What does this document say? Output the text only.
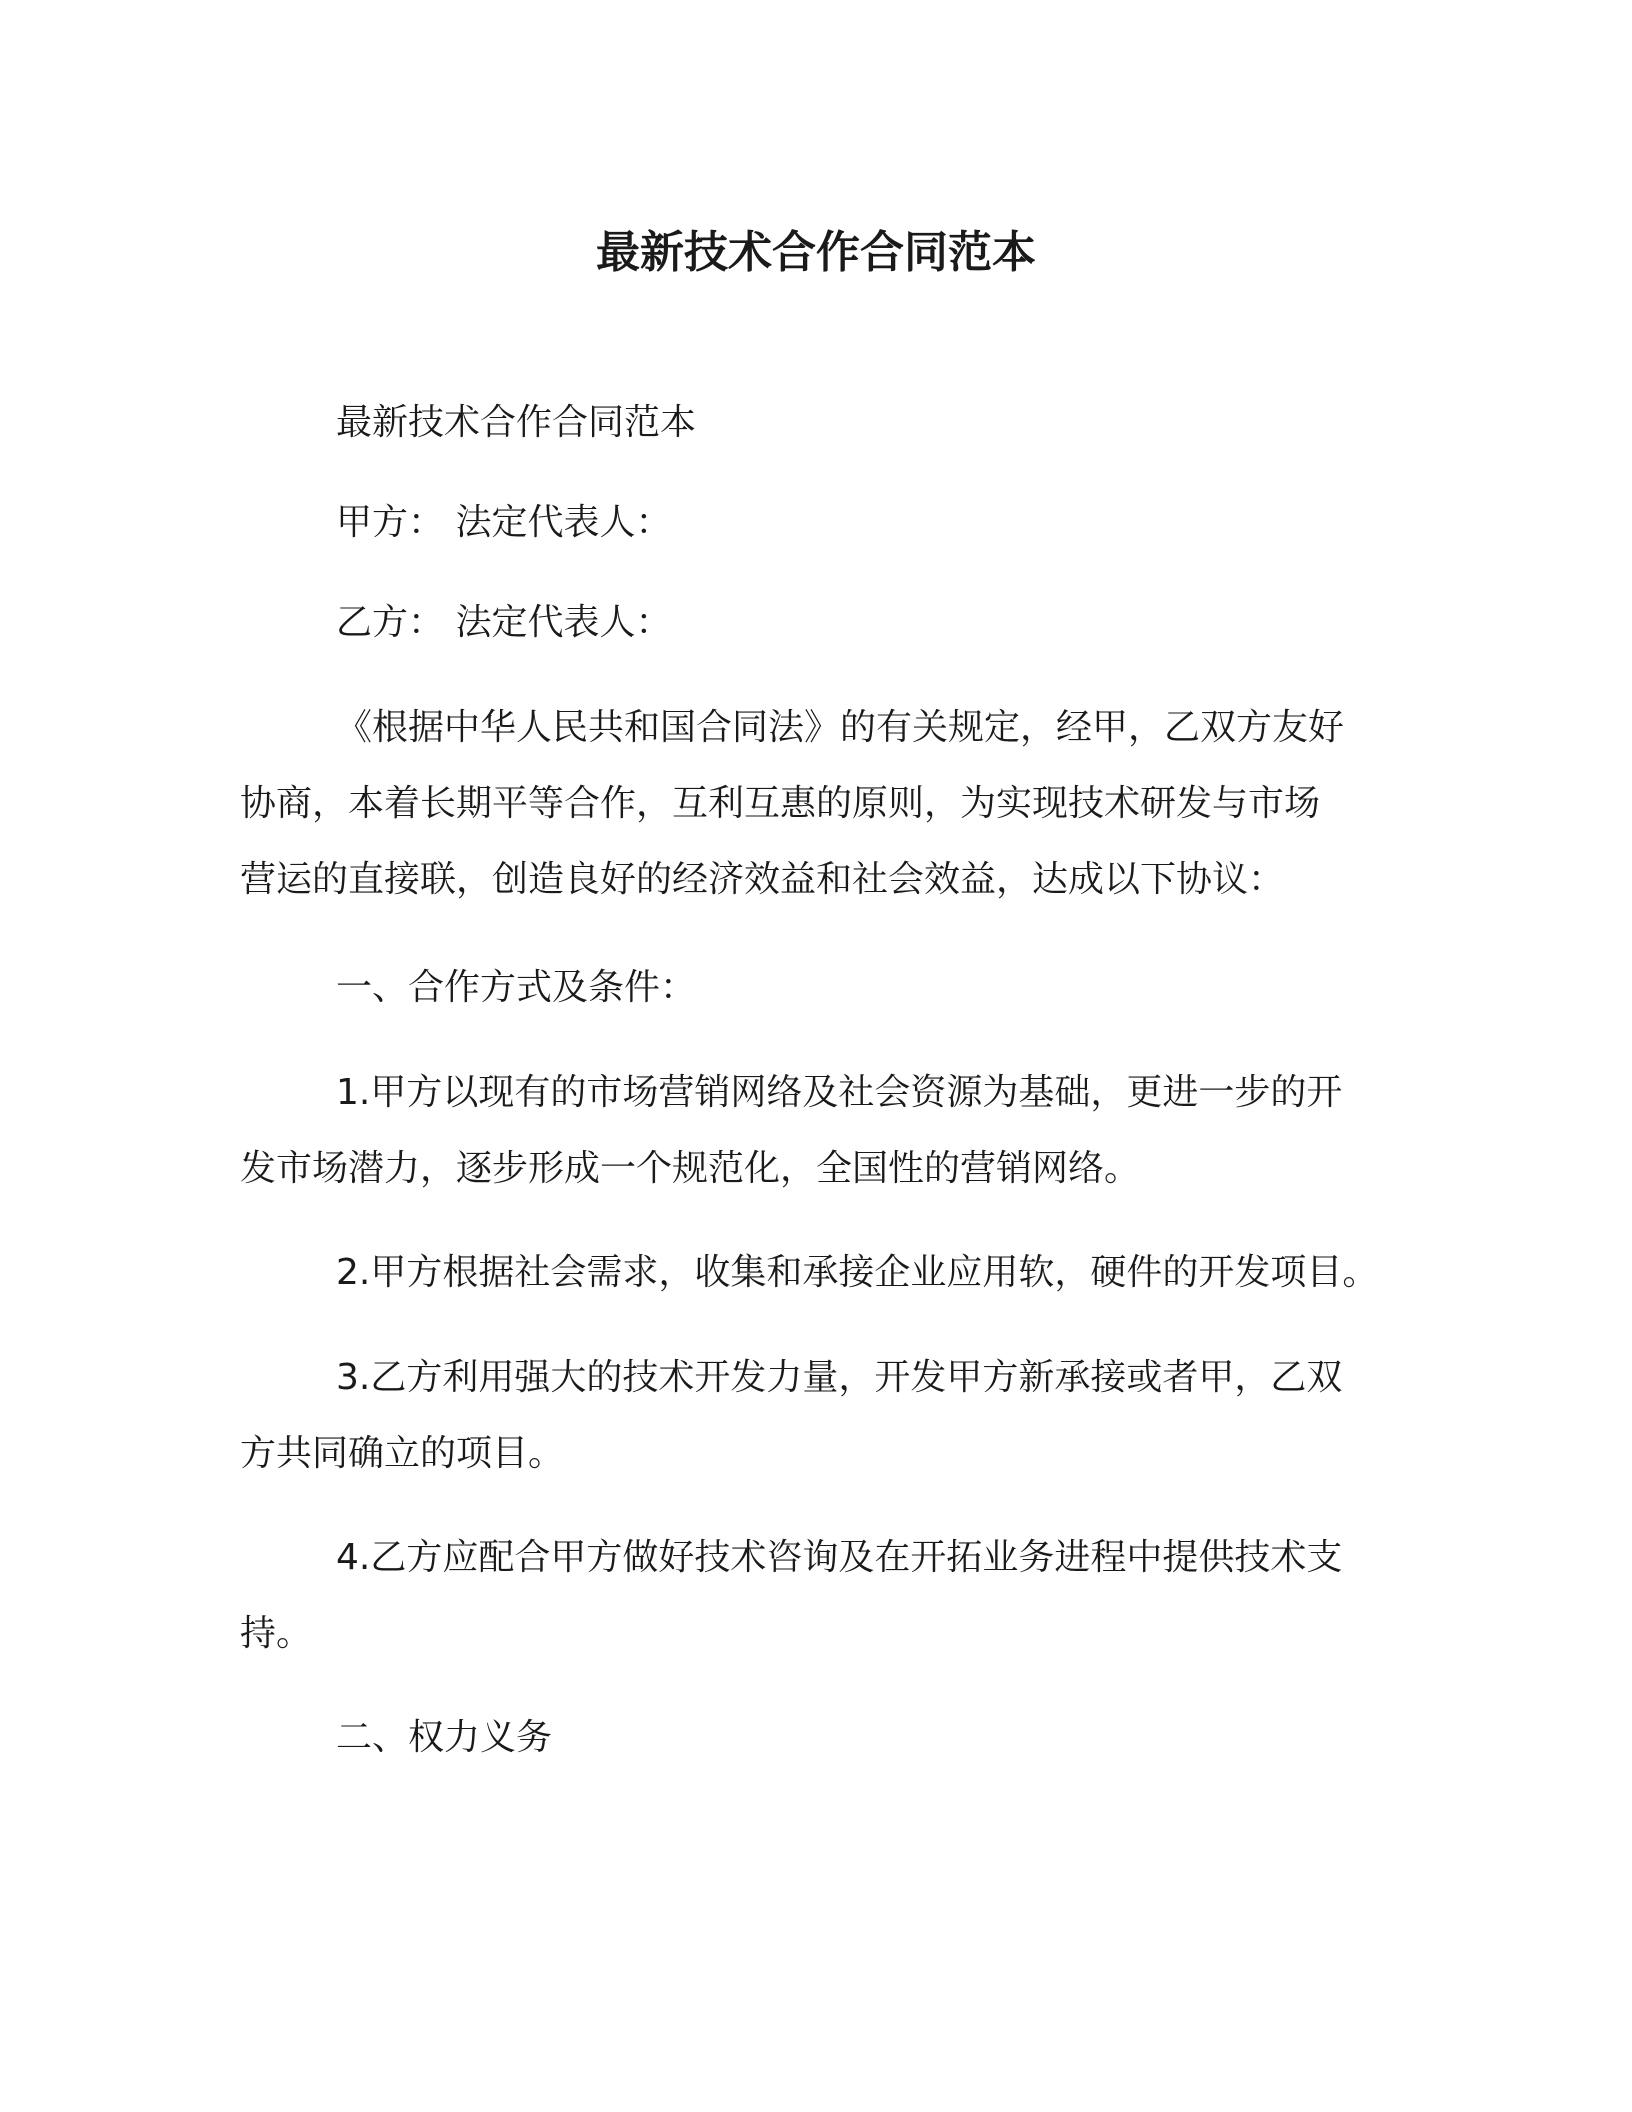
最新技术合作合同范本
最新技术合作合同范本
甲方： 法定代表人：
乙方： 法定代表人：
《根据中华人民共和国合同法》的有关规定，经甲，乙双方友好
协商，本着长期平等合作，互利互惠的原则，为实现技术研发与市场
营运的直接联，创造良好的经济效益和社会效益，达成以下协议：
一、合作方式及条件：
1.甲方以现有的市场营销网络及社会资源为基础，更进一步的开
发市场潜力，逐步形成一个规范化，全国性的营销网络。
2.甲方根据社会需求，收集和承接企业应用软，硬件的开发项目。
3.乙方利用强大的技术开发力量，开发甲方新承接或者甲，乙双
方共同确立的项目。
4.乙方应配合甲方做好技术咨询及在开拓业务进程中提供技术支
持。
二、权力义务
